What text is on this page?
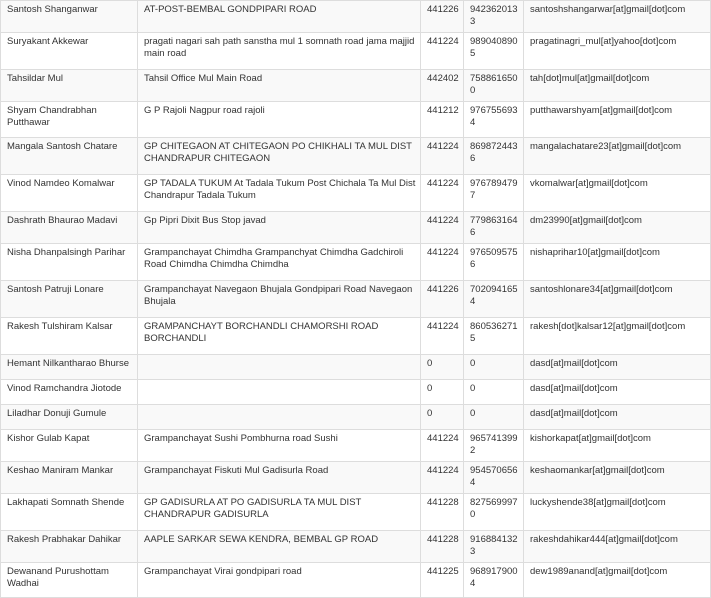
Santosh Shanganwar	AT-POST-BEMBAL GONDPIPARI ROAD	441226	9423620133	santoshshangarwar[at]gmail[dot]com
Suryakant Akkewar	pragati nagari sah path sanstha mul 1 somnath road jama majjid main road	441224	9890408905	pragatinagri_mul[at]yahoo[dot]com
Tahsildar Mul	Tahsil Office Mul Main Road	442402	7588616500	tah[dot]mul[at]gmail[dot]com
Shyam Chandrabhan Putthawar	G P Rajoli Nagpur road rajoli	441212	9767556934	putthawarshyam[at]gmail[dot]com
Mangala Santosh Chatare	GP CHITEGAON AT CHITEGAON PO CHIKHALI TA MUL DIST CHANDRAPUR CHITEGAON	441224	8698724436	mangalachatare23[at]gmail[dot]com
Vinod Namdeo Komalwar	GP TADALA TUKUM At Tadala Tukum Post Chichala Ta Mul Dist Chandrapur Tadala Tukum	441224	9767894797	vkomalwar[at]gmail[dot]com
Dashrath Bhaurao Madavi	Gp Pipri Dixit Bus Stop javad	441224	7798631646	dm23990[at]gmail[dot]com
Nisha Dhanpalsingh Parihar	Grampanchayat Chimdha Grampanchyat Chimdha Gadchiroli Road Chimdha Chimdha Chimdha	441224	9765095756	nishaprihar10[at]gmail[dot]com
Santosh Patruji Lonare	Grampanchayat Navegaon Bhujala Gondpipari Road Navegaon Bhujala	441226	7020941654	santoshlonare34[at]gmail[dot]com
Rakesh Tulshiram Kalsar	GRAMPANCHAYT BORCHANDLI CHAMORSHI ROAD BORCHANDLI	441224	8605362715	rakesh[dot]kalsar12[at]gmail[dot]com
Hemant Nilkantharao Bhurse		0	0	dasd[at]mail[dot]com
Vinod Ramchandra Jiotode		0	0	dasd[at]mail[dot]com
Liladhar Donuji Gumule		0	0	dasd[at]mail[dot]com
Kishor Gulab Kapat	Grampanchayat Sushi Pombhurna road Sushi	441224	9657413992	kishorkapat[at]gmail[dot]com
Keshao Maniram Mankar	Grampanchayat Fiskuti Mul Gadisurla Road	441224	9545706564	keshaomankar[at]gmail[dot]com
Lakhapati Somnath Shende	GP GADISURLA AT PO GADISURLA TA MUL DIST CHANDRAPUR GADISURLA	441228	8275699970	luckyshende38[at]gmail[dot]com
Rakesh Prabhakar Dahikar	AAPLE SARKAR SEWA KENDRA, BEMBAL GP ROAD	441228	9168841323	rakeshdahikar444[at]gmail[dot]com
Dewanand Purushottam Wadhai	Grampanchayat Virai gondpipari road	441225	9689179004	dew1989anand[at]gmail[dot]com
